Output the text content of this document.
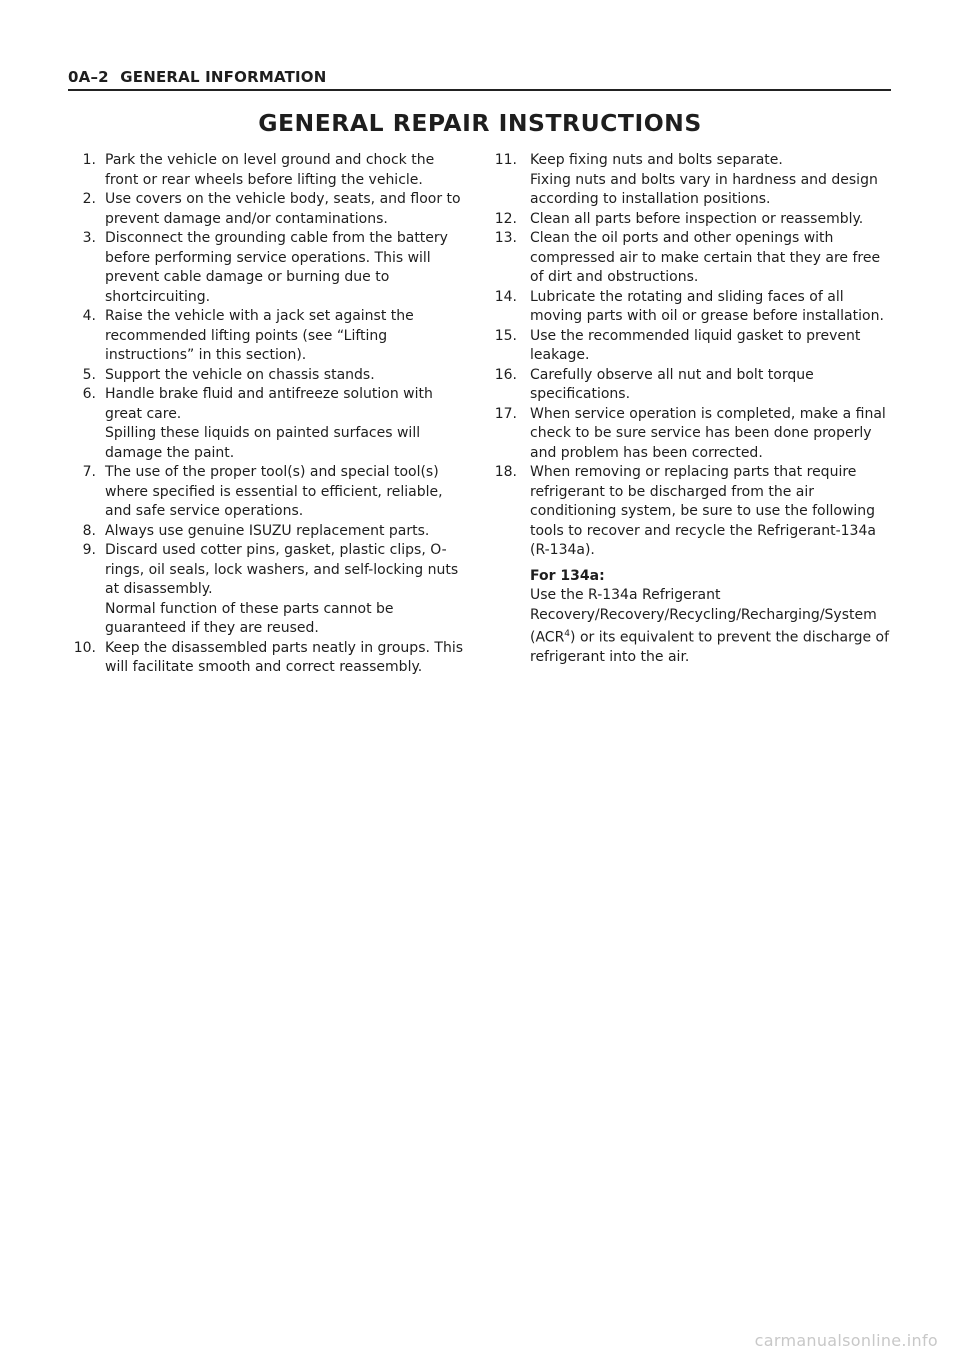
0A–2 GENERAL INFORMATION
GENERAL REPAIR INSTRUCTIONS
1. Park the vehicle on level ground and chock the front or rear wheels before lifting the vehicle.

2. Use covers on the vehicle body, seats, and floor to prevent damage and/or contaminations.

3. Disconnect the grounding cable from the battery before performing service operations. This will prevent cable damage or burning due to shortcircuiting.

4. Raise the vehicle with a jack set against the recommended lifting points (see “Lifting instructions” in this section).

5. Support the vehicle on chassis stands.

6. Handle brake fluid and antifreeze solution with great care.

Spilling these liquids on painted surfaces will damage the paint.

7. The use of the proper tool(s) and special tool(s) where specified is essential to efficient, reliable, and safe service operations.

8. Always use genuine ISUZU replacement parts.

9. Discard used cotter pins, gasket, plastic clips, O-rings, oil seals, lock washers, and self-locking nuts at disassembly.

Normal function of these parts cannot be guaranteed if they are reused.

10. Keep the disassembled parts neatly in groups. This will facilitate smooth and correct reassembly.

11. Keep fixing nuts and bolts separate.

Fixing nuts and bolts vary in hardness and design according to installation positions.

12. Clean all parts before inspection or reassembly.

13. Clean the oil ports and other openings with compressed air to make certain that they are free of dirt and obstructions.

14. Lubricate the rotating and sliding faces of all moving parts with oil or grease before installation.

15. Use the recommended liquid gasket to prevent leakage.

16. Carefully observe all nut and bolt torque specifications.

17. When service operation is completed, make a final check to be sure service has been done properly and problem has been corrected.

18. When removing or replacing parts that require refrigerant to be discharged from the air conditioning system, be sure to use the following tools to recover and recycle the Refrigerant-134a (R-134a).

For 134a:

Use the R-134a Refrigerant Recovery/Recovery/Recycling/Recharging/System (ACR$^4$) or its equivalent to prevent the discharge of refrigerant into the air.

carmanualsonline.info
